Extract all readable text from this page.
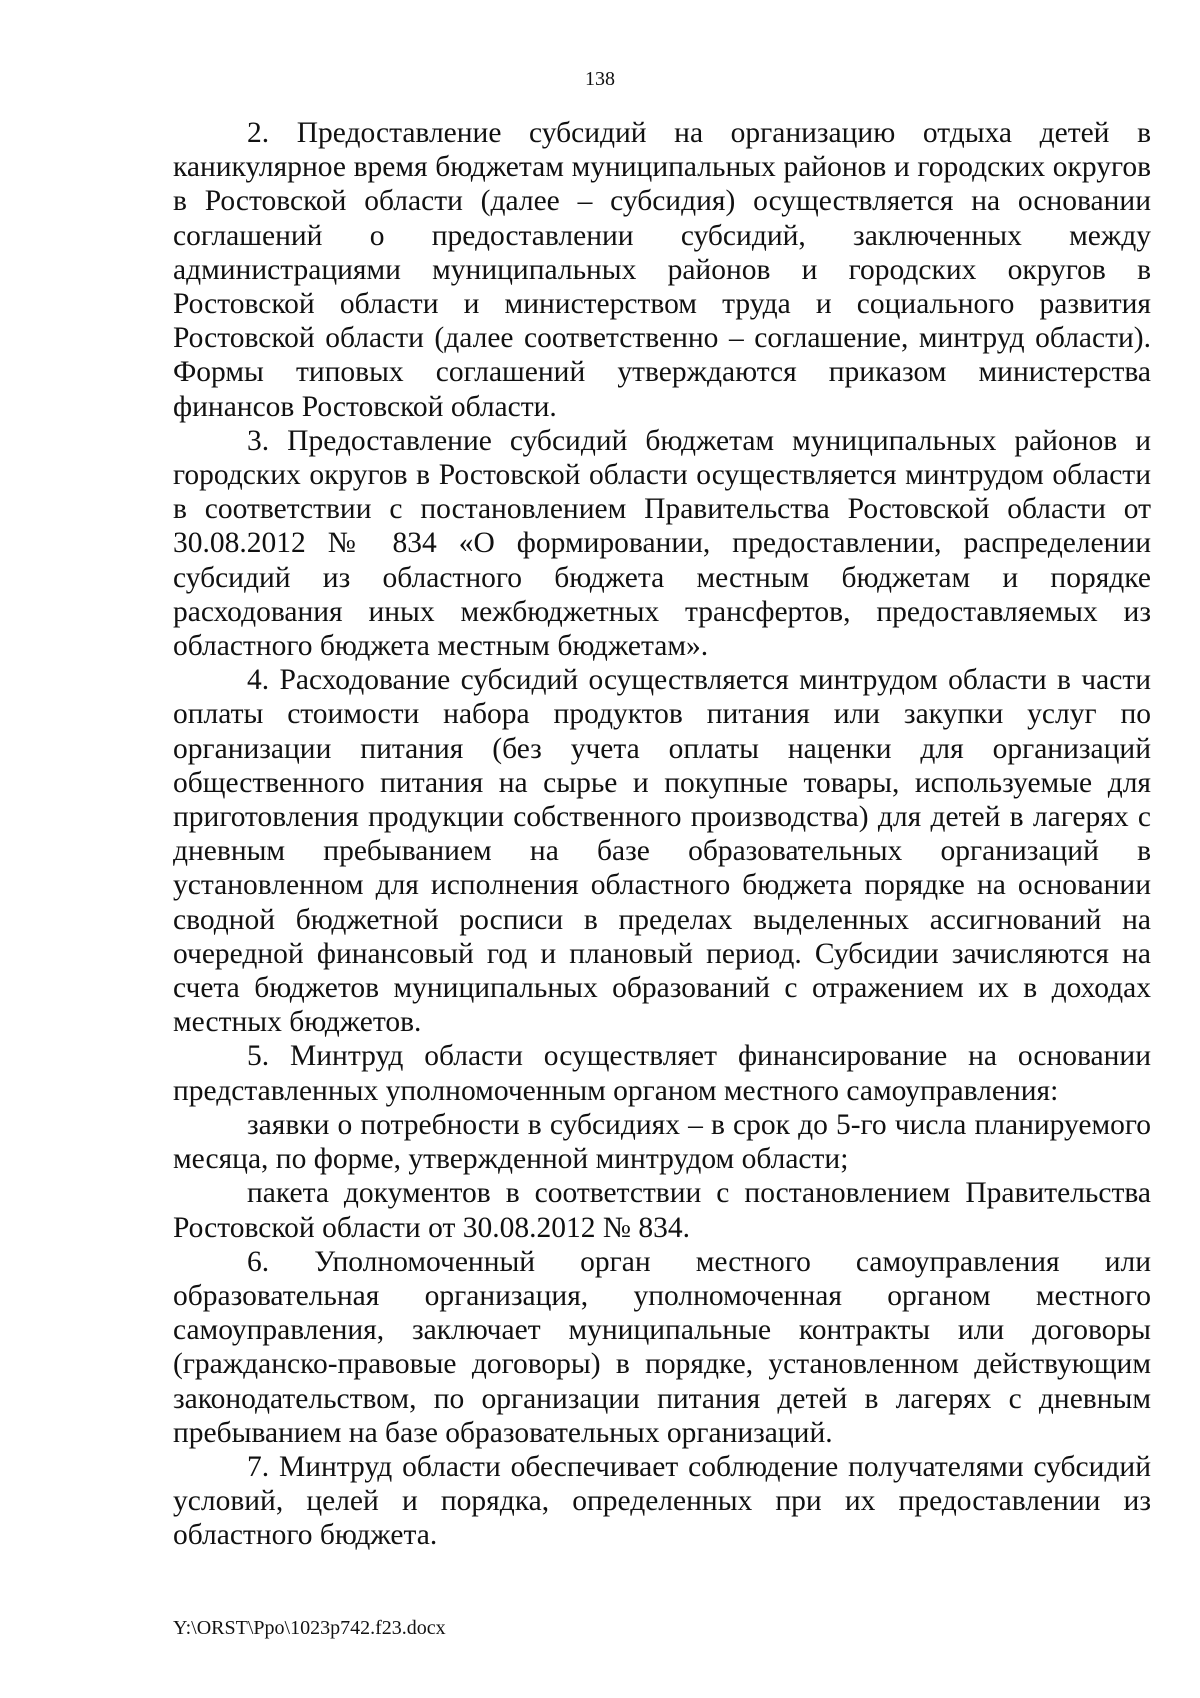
138

2. Предоставление субсидий на организацию отдыха детей в каникулярное время бюджетам муниципальных районов и городских округов в Ростовской области (далее – субсидия) осуществляется на основании соглашений о предоставлении субсидий, заключенных между администрациями муниципальных районов и городских округов в Ростовской области и министерством труда и социального развития Ростовской области (далее соответственно – соглашение, минтруд области). Формы типовых соглашений утверждаются приказом министерства финансов Ростовской области.

3. Предоставление субсидий бюджетам муниципальных районов и городских округов в Ростовской области осуществляется минтрудом области в соответствии с постановлением Правительства Ростовской области от 30.08.2012 № 834 «О формировании, предоставлении, распределении субсидий из областного бюджета местным бюджетам и порядке расходования иных межбюджетных трансфертов, предоставляемых из областного бюджета местным бюджетам».

4. Расходование субсидий осуществляется минтрудом области в части оплаты стоимости набора продуктов питания или закупки услуг по организации питания (без учета оплаты наценки для организаций общественного питания на сырье и покупные товары, используемые для приготовления продукции собственного производства) для детей в лагерях с дневным пребыванием на базе образовательных организаций в установленном для исполнения областного бюджета порядке на основании сводной бюджетной росписи в пределах выделенных ассигнований на очередной финансовый год и плановый период. Субсидии зачисляются на счета бюджетов муниципальных образований с отражением их в доходах местных бюджетов.

5. Минтруд области осуществляет финансирование на основании представленных уполномоченным органом местного самоуправления:

заявки о потребности в субсидиях – в срок до 5-го числа планируемого месяца, по форме, утвержденной минтрудом области;

пакета документов в соответствии с постановлением Правительства Ростовской области от 30.08.2012 № 834.

6. Уполномоченный орган местного самоуправления или образовательная организация, уполномоченная органом местного самоуправления, заключает муниципальные контракты или договоры (гражданско-правовые договоры) в порядке, установленном действующим законодательством, по организации питания детей в лагерях с дневным пребыванием на базе образовательных организаций.

7. Минтруд области обеспечивает соблюдение получателями субсидий условий, целей и порядка, определенных при их предоставлении из областного бюджета.

Y:\ORST\Ppo\1023p742.f23.docx
